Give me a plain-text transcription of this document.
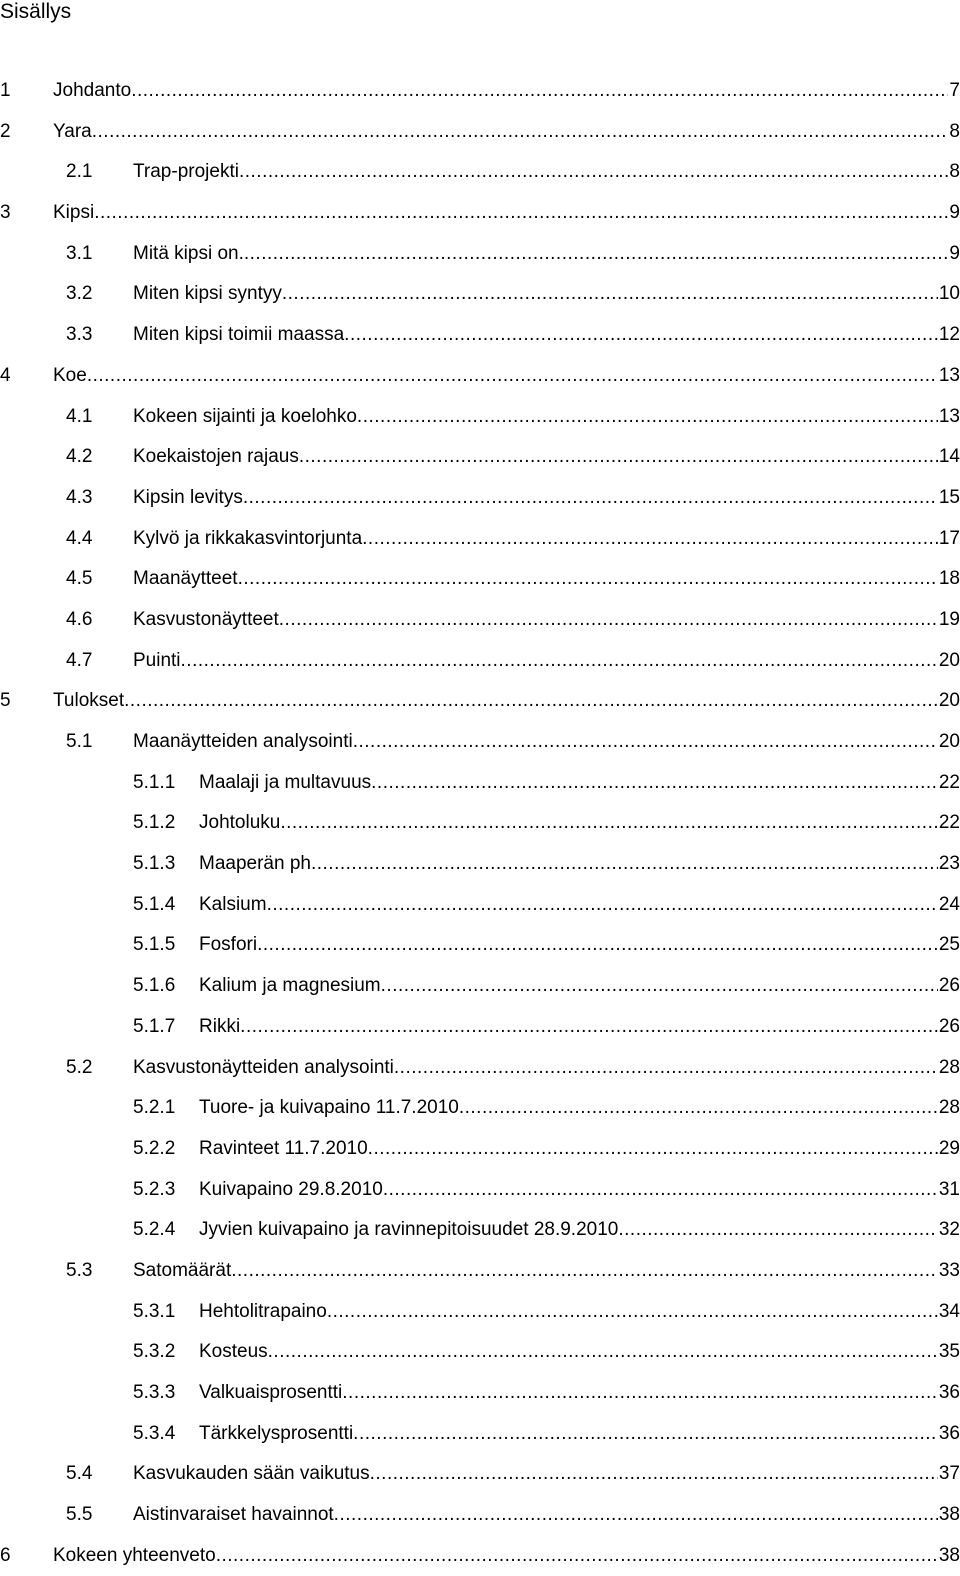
Sisällys
1 Johdanto .....	7
2 Yara .....	8
2.1 Trap-projekti .....	8
3 Kipsi .....	9
3.1 Mitä kipsi on. .....	9
3.2 Miten kipsi syntyy .....	10
3.3 Miten kipsi toimii maassa .....	12
4 Koe .....	13
4.1 Kokeen sijainti ja koelohko .....	13
4.2 Koekaistojen rajaus .....	14
4.3 Kipsin levitys .....	15
4.4 Kylvö ja rikkakasvintorjunta .....	17
4.5 Maanäytteet .....	18
4.6 Kasvustonäytteet .....	19
4.7 Puinti .....	20
5 Tulokset .....	20
5.1 Maanäytteiden analysointi .....	20
5.1.1 Maalaji ja multavuus .....	22
5.1.2 Johtoluku .....	22
5.1.3 Maaperän ph .....	23
5.1.4 Kalsium .....	24
5.1.5 Fosfori .....	25
5.1.6 Kalium ja magnesium .....	26
5.1.7 Rikki .....	26
5.2 Kasvustonäytteiden analysointi .....	28
5.2.1 Tuore- ja kuivapaino 11.7.2010 .....	28
5.2.2 Ravinteet 11.7.2010 .....	29
5.2.3 Kuivapaino 29.8.2010 .....	31
5.2.4 Jyvien kuivapaino ja ravinnepitoisuudet 28.9.2010 .....	32
5.3 Satomäärät .....	33
5.3.1 Hehtolitrapaino .....	34
5.3.2 Kosteus .....	35
5.3.3 Valkuaisprosentti .....	36
5.3.4 Tärkkelysprosentti .....	36
5.4 Kasvukauden sään vaikutus .....	37
5.5 Aistinvaraiset havainnot .....	38
6 Kokeen yhteenveto .....	38
